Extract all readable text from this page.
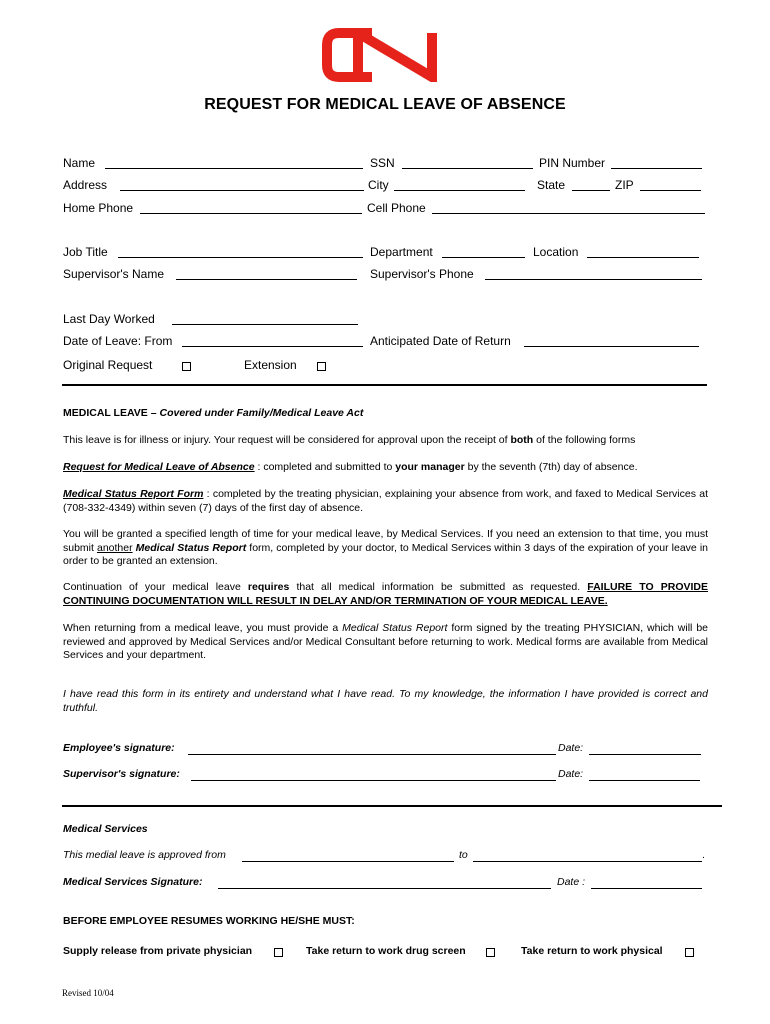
REQUEST FOR MEDICAL LEAVE OF ABSENCE
Name	SSN	PIN Number
Address	City	State	ZIP
Home Phone	Cell Phone
Job Title	Department	Location
Supervisor's Name	Supervisor's Phone
Last Day Worked
Date of Leave: From	Anticipated Date of Return
Original Request	Extension
MEDICAL LEAVE – Covered under Family/Medical Leave Act
This leave is for illness or injury. Your request will be considered for approval upon the receipt of both of the following forms
Request for Medical Leave of Absence : completed and submitted to your manager by the seventh (7th) day of absence.
Medical Status Report Form : completed by the treating physician, explaining your absence from work, and faxed to Medical Services at (708-332-4349) within seven (7) days of the first day of absence.
You will be granted a specified length of time for your medical leave, by Medical Services. If you need an extension to that time, you must submit another Medical Status Report form, completed by your doctor, to Medical Services within 3 days of the expiration of your leave in order to be granted an extension.
Continuation of your medical leave requires that all medical information be submitted as requested. FAILURE TO PROVIDE CONTINUING DOCUMENTATION WILL RESULT IN DELAY AND/OR TERMINATION OF YOUR MEDICAL LEAVE.
When returning from a medical leave, you must provide a Medical Status Report form signed by the treating PHYSICIAN, which will be reviewed and approved by Medical Services and/or Medical Consultant before returning to work. Medical forms are available from Medical Services and your department.
I have read this form in its entirety and understand what I have read. To my knowledge, the information I have provided is correct and truthful.
Employee's signature:	Date:
Supervisor's signature:	Date:
Medical Services
This medial leave is approved from	to	.
Medical Services Signature:	Date :
BEFORE EMPLOYEE RESUMES WORKING HE/SHE MUST:
Supply release from private physician	Take return to work drug screen	Take return to work physical
Revised 10/04
